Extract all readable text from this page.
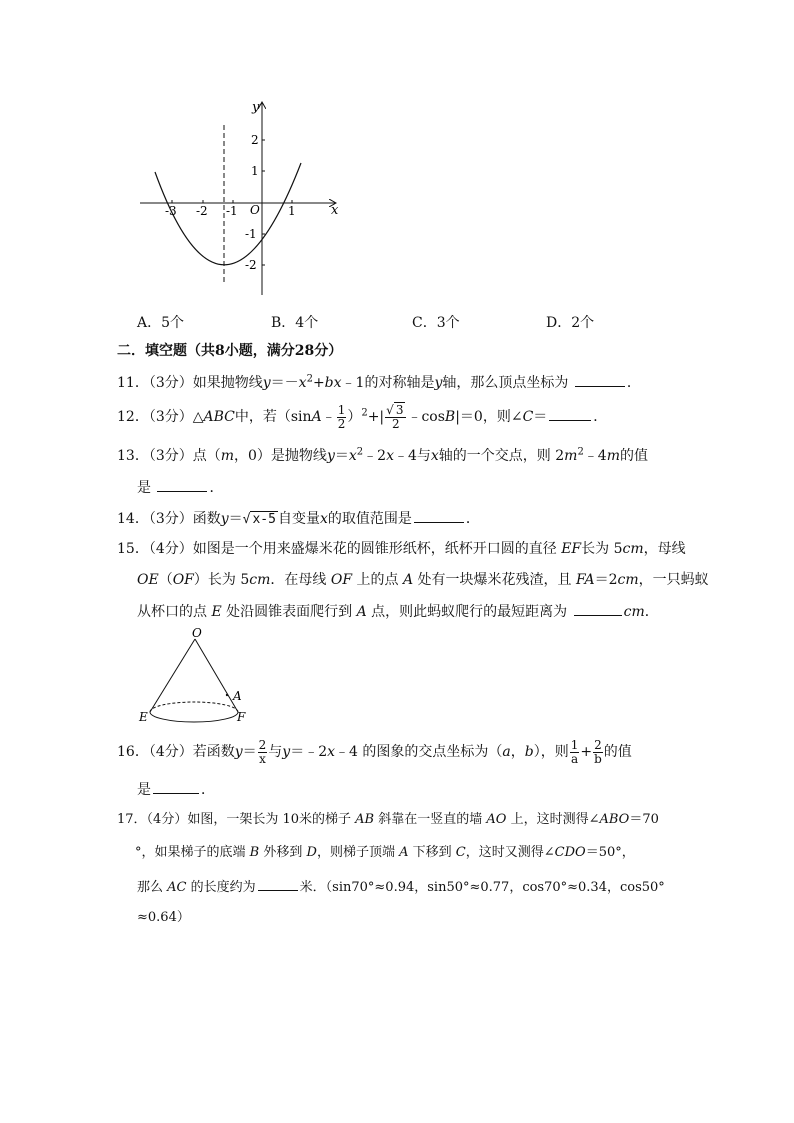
y
x
O
-3 -2 -1	1
2
1
-1
-2
A．5个	B．4个	C．3个	D．2个
二．填空题（共8小题，满分28分）
11．（3分）如果抛物线$y=-x^2+bx﹣1$的对称轴是y轴，那么顶点坐标为	．
12．（3分）△ABC中，若（sinA﹣ $\frac{1}{2} )^2+| \frac{√ 3}{2}$ ﹣cosB|＝0，则∠C＝	．
13．（3分）点（m，0）是抛物线$y=x^2﹣2x﹣4$与x轴的一个交点，则 $2m^2﹣4m$的值
是	．
14．（3分）函数y＝√ x-5 自变量x的取值范围是	．
15．（4分）如图是一个用来盛爆米花的圆锥形纸杯，纸杯开口圆的直径 EF长为 5cm，母线
OE（OF）长为 5cm．在母线 OF 上的点 A 处有一块爆米花残渣，且 FA＝2cm，一只蚂蚁
从杯口的点 E 处沿圆锥表面爬行到 A 点，则此蚂蚁爬行的最短距离为	cm．
O
A
E	F
16．（4分）若函数$y= \frac{2}{x}$ 与y＝﹣2x﹣4 的图象的交点坐标为（a，b），则 $\frac{1}{a} + \frac{2}{b}$ 的值
是	．
17．（4分）如图，一架长为 10米的梯子 AB 斜靠在一竖直的墙 AO 上，这时测得∠ABO＝70
°，如果梯子的底端 B 外移到 D，则梯子顶端 A 下移到 C，这时又测得∠CDO＝50°，
那么 AC 的长度约为	米．（sin70°≈0.94，sin50°≈0.77，cos70°≈0.34，cos50°
≈0.64）
